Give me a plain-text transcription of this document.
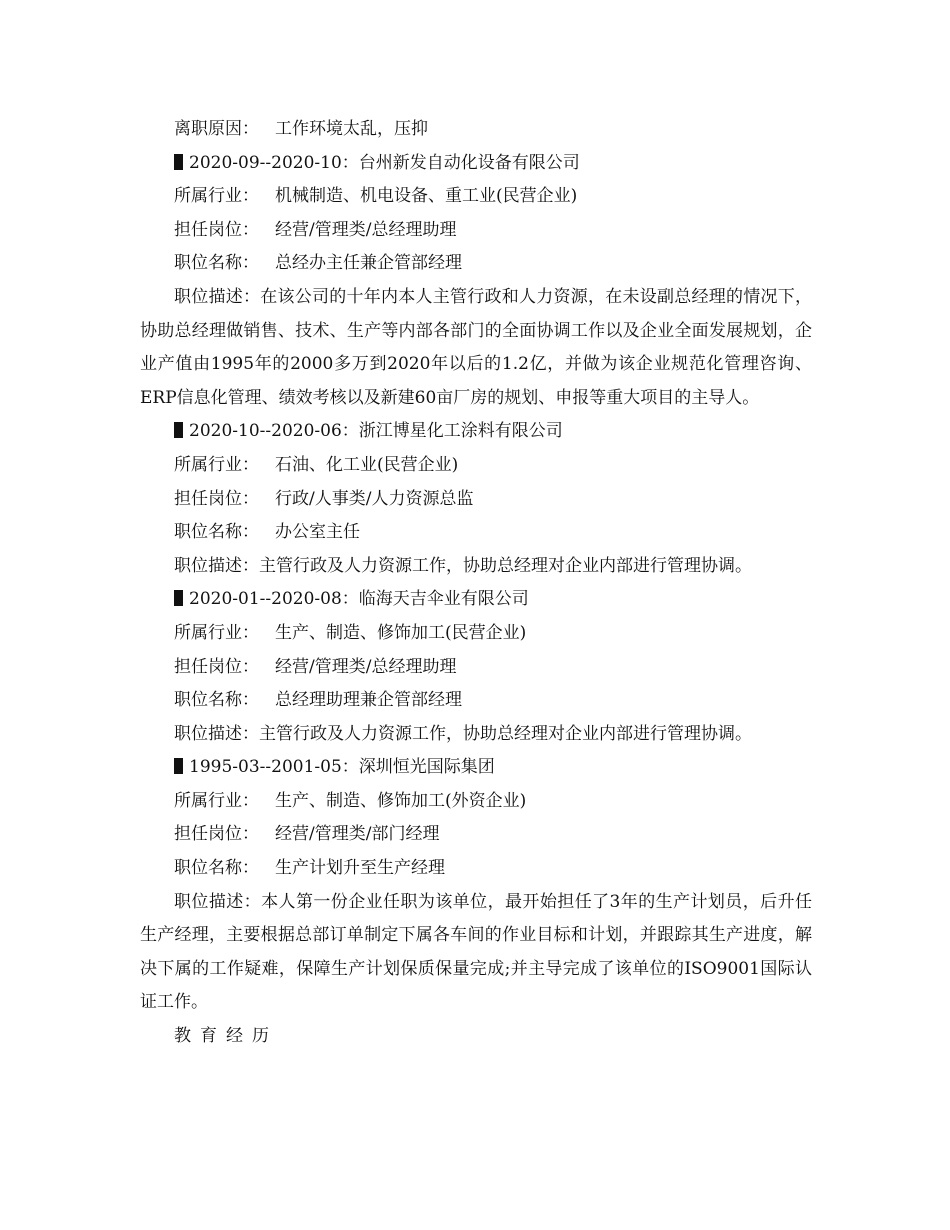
离职原因： 工作环境太乱，压抑
2020-09--2020-10：台州新发自动化设备有限公司
所属行业： 机械制造、机电设备、重工业(民营企业)
担任岗位： 经营/管理类/总经理助理
职位名称： 总经办主任兼企管部经理
职位描述：在该公司的十年内本人主管行政和人力资源，在未设副总经理的情况下，协助总经理做销售、技术、生产等内部各部门的全面协调工作以及企业全面发展规划，企业产值由1995年的2000多万到2020年以后的1.2亿，并做为该企业规范化管理咨询、ERP信息化管理、绩效考核以及新建60亩厂房的规划、申报等重大项目的主导人。
2020-10--2020-06：浙江博星化工涂料有限公司
所属行业： 石油、化工业(民营企业)
担任岗位： 行政/人事类/人力资源总监
职位名称： 办公室主任
职位描述：主管行政及人力资源工作，协助总经理对企业内部进行管理协调。
2020-01--2020-08：临海天吉伞业有限公司
所属行业： 生产、制造、修饰加工(民营企业)
担任岗位： 经营/管理类/总经理助理
职位名称： 总经理助理兼企管部经理
职位描述：主管行政及人力资源工作，协助总经理对企业内部进行管理协调。
1995-03--2001-05：深圳恒光国际集团
所属行业： 生产、制造、修饰加工(外资企业)
担任岗位： 经营/管理类/部门经理
职位名称： 生产计划升至生产经理
职位描述：本人第一份企业任职为该单位，最开始担任了3年的生产计划员，后升任生产经理，主要根据总部订单制定下属各车间的作业目标和计划，并跟踪其生产进度，解决下属的工作疑难，保障生产计划保质保量完成;并主导完成了该单位的ISO9001国际认证工作。
教育经历
